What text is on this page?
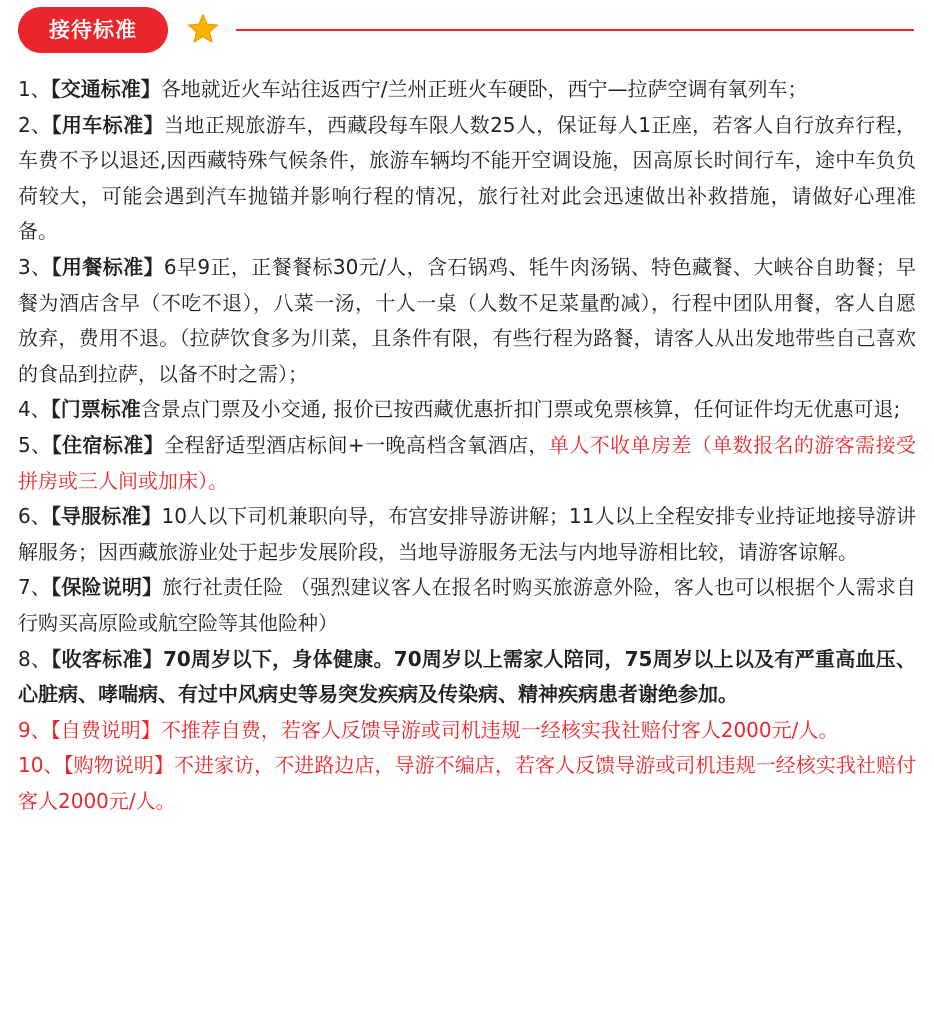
接待标准

1、【交通标准】各地就近火车站往返西宁/兰州正班火车硬卧，西宁—拉萨空调有氧列车；

2、【用车标准】当地正规旅游车，西藏段每车限人数25人，保证每人1正座，若客人自行放弃行程，车费不予以退还,因西藏特殊气候条件，旅游车辆均不能开空调设施，因高原长时间行车，途中车负负荷较大，可能会遇到汽车抛锚并影响行程的情况，旅行社对此会迅速做出补救措施，请做好心理准备。

3、【用餐标准】6早9正，正餐餐标30元/人，含石锅鸡、牦牛肉汤锅、特色藏餐、大峡谷自助餐；早餐为酒店含早（不吃不退），八菜一汤，十人一桌（人数不足菜量酌减），行程中团队用餐，客人自愿放弃，费用不退。（拉萨饮食多为川菜，且条件有限，有些行程为路餐，请客人从出发地带些自己喜欢的食品到拉萨，以备不时之需）；

4、【门票标准含景点门票及小交通, 报价已按西藏优惠折扣门票或免票核算，任何证件均无优惠可退;

5、【住宿标准】全程舒适型酒店标间+一晚高档含氧酒店，单人不收单房差（单数报名的游客需接受拼房或三人间或加床）。

6、【导服标准】10人以下司机兼职向导，布宫安排导游讲解；11人以上全程安排专业持证地接导游讲解服务；因西藏旅游业处于起步发展阶段，当地导游服务无法与内地导游相比较，请游客谅解。

7、【保险说明】旅行社责任险 （强烈建议客人在报名时购买旅游意外险，客人也可以根据个人需求自行购买高原险或航空险等其他险种）

8、【收客标准】70周岁以下，身体健康。70周岁以上需家人陪同，75周岁以上以及有严重高血压、心脏病、哮喘病、有过中风病史等易突发疾病及传染病、精神疾病患者谢绝参加。

9、【自费说明】不推荐自费，若客人反馈导游或司机违规一经核实我社赔付客人2000元/人。

10、【购物说明】不进家访，不进路边店，导游不编店，若客人反馈导游或司机违规一经核实我社赔付客人2000元/人。
